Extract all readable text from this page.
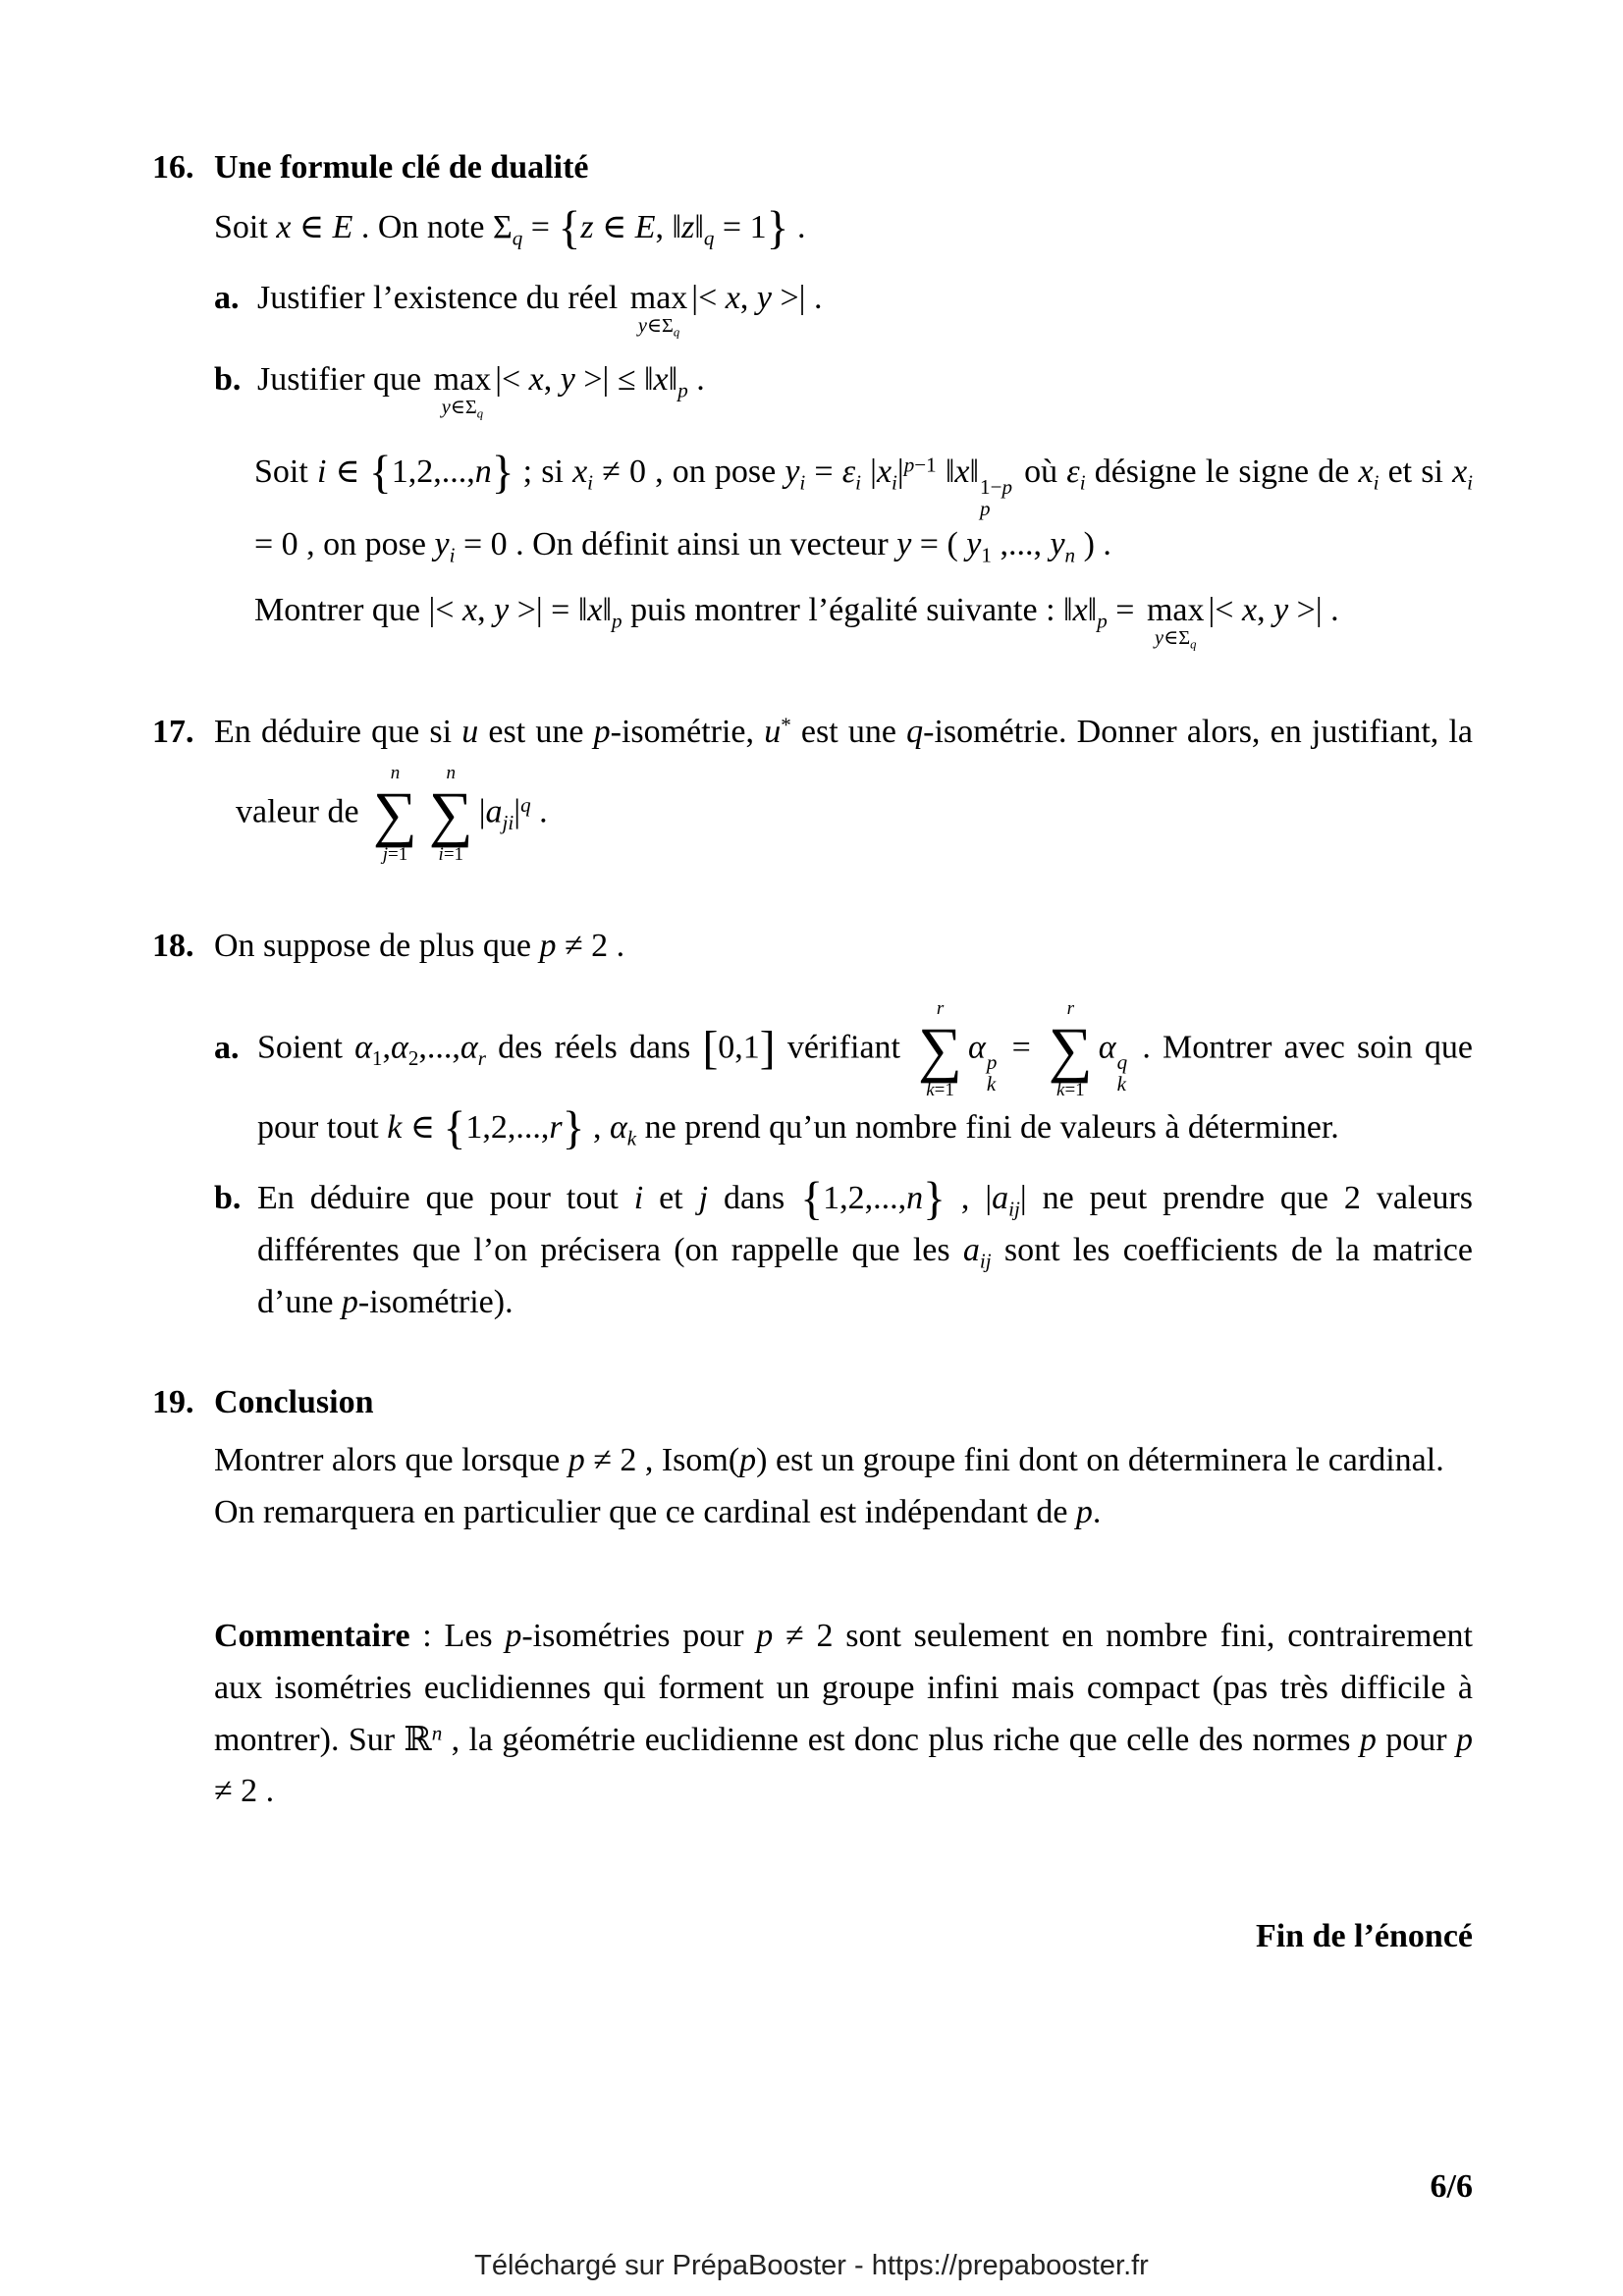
16. Une formule clé de dualité
Soit x ∈ E . On note $\Sigma_q = \{z$ ∈ E, $‖z‖_q = 1$} .
a. Justifier l’existence du réel max
$y\in\Sigma_q$
|< x, y >| .
b. Justifier que max
$y\in\Sigma_q$
|< x, y >| ≤ $‖x‖_p$ .
Soit i ∈ {1,2,...,n} ; si $x_i \ne 0$ , on pose $y_i = \varepsilon_i$ $|x_i|^{p-1}$ ‖x‖ 1−p
p
où $\varepsilon_i$ désigne le signe de $x_i$ et si $x_i = 0$ , on pose $y_i = 0$ . On définit ainsi un vecteur y = ( $y_1$ ,..., $y_n$ ) .
Montrer que |< x, y >| = $‖x‖_p$ puis montrer l’égalité suivante : $‖x‖_p = \max$
$y\in\Sigma_q$
|< x, y >| .
17. En déduire que si u est une p-isométrie, u* est une q-isométrie. Donner alors, en justifiant, la
valeur de
n
∑
j=1
n
∑
i=1
$|a_{ji}|^q$ .
18. On suppose de plus que p ≠ 2 .
a. Soient $\alpha_1,\alpha_2,...,\alpha_r$ des réels dans [0,1] vérifiant
r
∑
k=1
α p
k
=
r
∑
k=1
α q
k
. Montrer avec soin que pour tout k ∈ {1,2,...,r} , $\alpha_k$ ne prend qu’un nombre fini de valeurs à déterminer.
b. En déduire que pour tout i et j dans {1,2,...,n} , $|a_{ij}|$ ne peut prendre que 2 valeurs différentes que l’on précisera (on rappelle que les $a_{ij}$ sont les coefficients de la matrice d’une p-isométrie).
19. Conclusion
Montrer alors que lorsque p ≠ 2 , Isom(p) est un groupe fini dont on déterminera le cardinal.
On remarquera en particulier que ce cardinal est indépendant de p.
Commentaire : Les p-isométries pour p ≠ 2 sont seulement en nombre fini, contrairement aux isométries euclidiennes qui forment un groupe infini mais compact (pas très difficile à montrer). Sur ℝ$^n$ , la géométrie euclidienne est donc plus riche que celle des normes p pour p ≠ 2 .
Fin de l’énoncé
6/6
Téléchargé sur PrépaBooster - https://prepabooster.fr
